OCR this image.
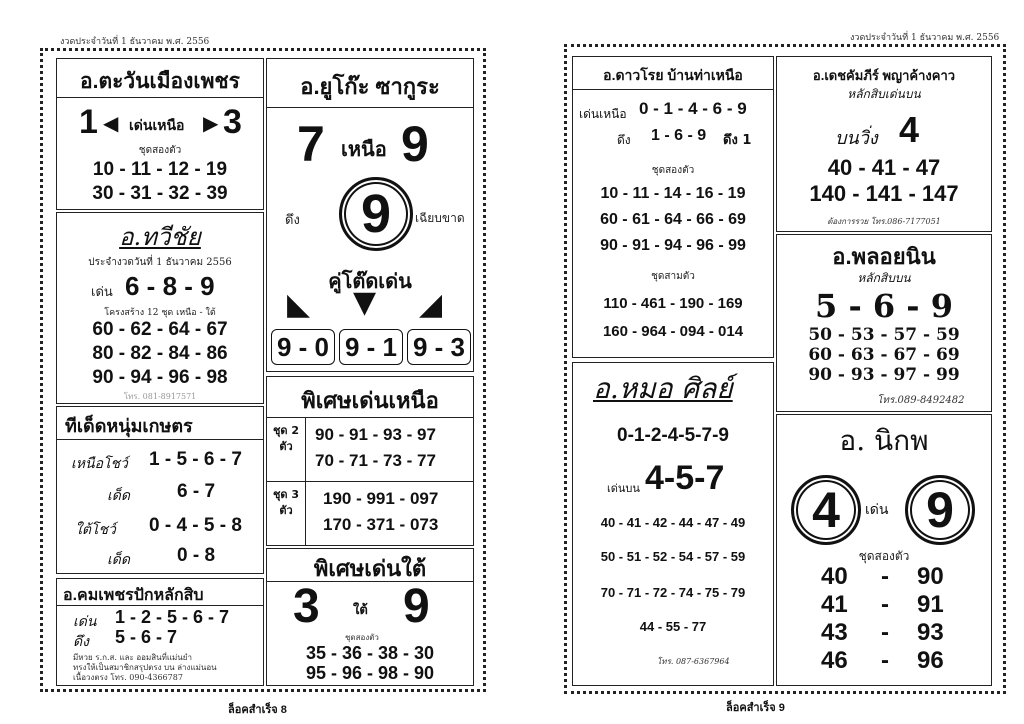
งวดประจำวันที่ 1 ธันวาคม พ.ศ. 2556
อ.ตะวันเมืองเพชร
1 ◀ เด่นเหนือ ▶ 3
ชุดสองตัว
10 - 11 - 12 - 19
30 - 31 - 32 - 39
อ.ทวีชัย
ประจำงวดวันที่ 1 ธันวาคม 2556
เด่น 6 - 8 - 9
โครงสร้าง 12 ชุด เหนือ - ใต้
60 - 62 - 64 - 67
80 - 82 - 84 - 86
90 - 94 - 96 - 98
โทร. 081-8917571
ทีเด็ดหนุ่มเกษตร
เหนือโชว์ 1 - 5 - 6 - 7
เด็ด 6 - 7
ใต้โชว์ 0 - 4 - 5 - 8
เด็ด 0 - 8
อ.คมเพชรปักหลักสิบ
เด่น 1 - 2 - 5 - 6 - 7
ดึง 5 - 6 - 7
มีหวย ร.ก.ส. และ ออมสินที่แม่นยำ
ทรงให้เป็นสมาชิกสรุปตรง บน ล่างแม่นอน
เนื้อวงตรง โทร. 090-4366787
อ.ยูโก๊ะ ซากูระ
7 เหนือ 9
ดึง	9	เฉียบขาด
คู่โต๊ดเด่น
◣ ▼ ◢
9 - 0 9 - 1 9 - 3
พิเศษเด่นเหนือ
ชุด 2 ตัว
90 - 91 - 93 - 97
70 - 71 - 73 - 77
ชุด 3 ตัว
190 - 991 - 097
170 - 371 - 073
พิเศษเด่นใต้
3	ใต้ 9
ชุดสองตัว
35 - 36 - 38 - 30
95 - 96 - 98 - 90
ล็อคสำเร็จ 8
งวดประจำวันที่ 1 ธันวาคม พ.ศ. 2556
อ.ดาวโรย บ้านท่าเหนือ
เด่นเหนือ 0 - 1 - 4 - 6 - 9
ดึง 1 - 6 - 9 ดึง 1
ชุดสองตัว
10 - 11 - 14 - 16 - 19
60 - 61 - 64 - 66 - 69
90 - 91 - 94 - 96 - 99
ชุดสามตัว
110 - 461 - 190 - 169
160 - 964 - 094 - 014
อ.หมอ ศิลย์
0-1-2-4-5-7-9
เด่นบน 4-5-7
40 - 41 - 42 - 44 - 47 - 49
50 - 51 - 52 - 54 - 57 - 59
70 - 71 - 72 - 74 - 75 - 79
44 - 55 - 77
โทร. 087-6367964
อ.เดชคัมภีร์ พญาค้างคาว
หลักสิบเด่นบน
บนวิ่ง 4
40 - 41 - 47
140 - 141 - 147
ต้องการรวย โทร.086-7177051
อ.พลอยนิน
หลักสิบบน
5 - 6 - 9
50 - 53 - 57 - 59
60 - 63 - 67 - 69
90 - 93 - 97 - 99
โทร.089-8492482
อ. นิกพ
4	เด่น 9
ชุดสองตัว
40 - 90
41 - 91
43 - 93
46 - 96
ล็อคสำเร็จ 9
